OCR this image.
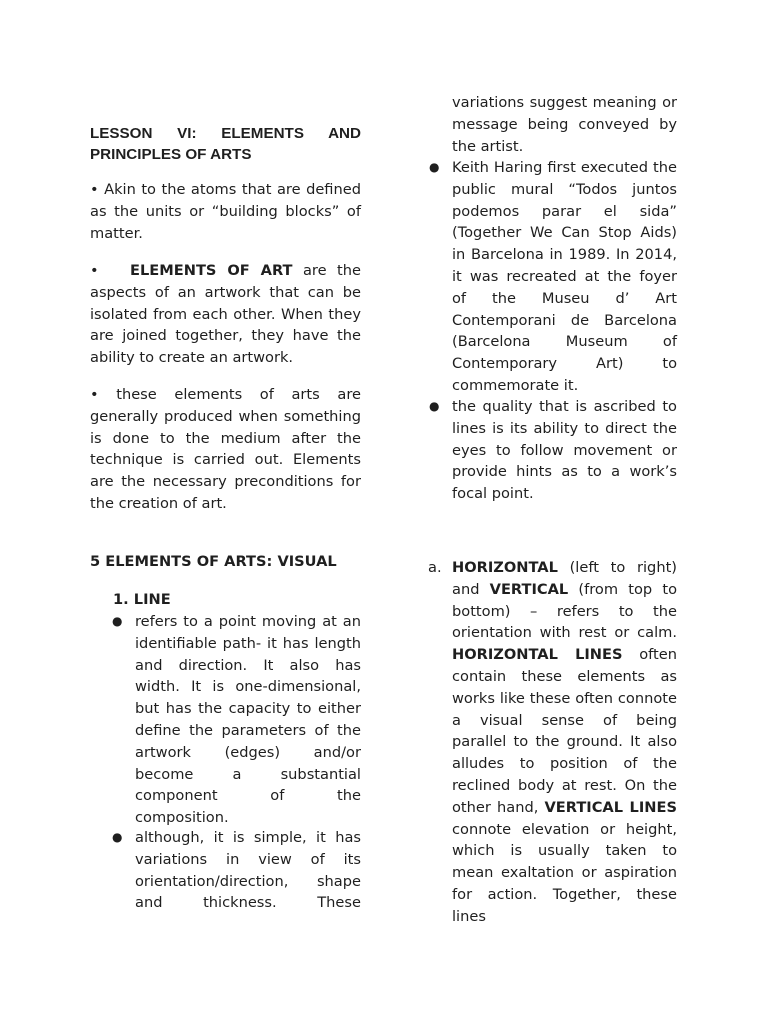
LESSON VI: ELEMENTS AND
PRINCIPLES OF ARTS

• Akin to the atoms that are defined as the units or “building blocks” of matter.

• ELEMENTS OF ART are the aspects of an artwork that can be isolated from each other. When they are joined together, they have the ability to create an artwork.

• these elements of arts are generally produced when something is done to the medium after the technique is carried out. Elements are the necessary preconditions for the creation of art.

5 ELEMENTS OF ARTS: VISUAL
1. LINE
● refers to a point moving at an identifiable path- it has length and direction. It also has width. It is one-dimensional, but has the capacity to either define the parameters of the artwork (edges) and/or become a substantial component of the composition.

● although, it is simple, it has variations in view of its orientation/direction, shape and thickness. These

variations suggest meaning or message being conveyed by the artist.

● Keith Haring first executed the public mural “Todos juntos podemos parar el sida” (Together We Can Stop Aids) in Barcelona in 1989. In 2014, it was recreated at the foyer of the Museu d’ Art Contemporani de Barcelona (Barcelona Museum of Contemporary Art) to commemorate it.

● the quality that is ascribed to lines is its ability to direct the eyes to follow movement or provide hints as to a work’s focal point.

a. HORIZONTAL (left to right) and VERTICAL (from top to bottom) – refers to the orientation with rest or calm. HORIZONTAL LINES often contain these elements as works like these often connote a visual sense of being parallel to the ground. It also alludes to position of the reclined body at rest. On the other hand, VERTICAL LINES connote elevation or height, which is usually taken to mean exaltation or aspiration for action. Together, these lines
